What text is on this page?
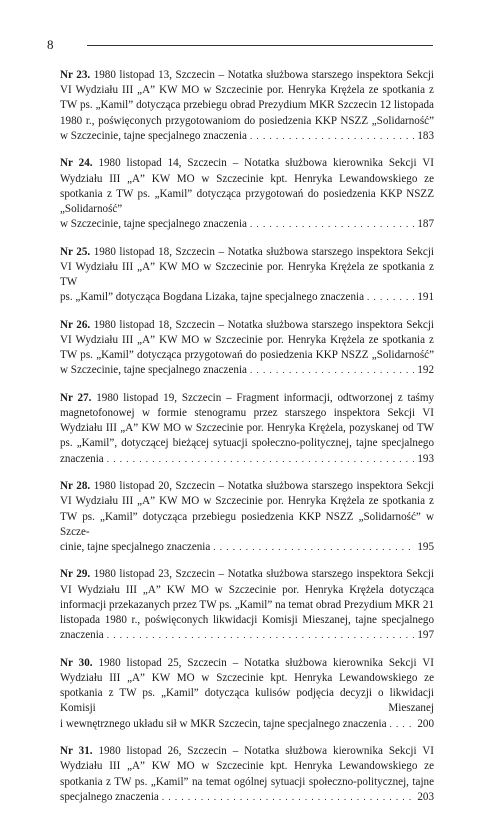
8
Nr 23. 1980 listopad 13, Szczecin – Notatka służbowa starszego inspektora Sekcji VI Wydziału III „A” KW MO w Szczecinie por. Henryka Krężela ze spotkania z TW ps. „Kamil” dotycząca przebiegu obrad Prezydium MKR Szczecin 12 listopada 1980 r., poświęconych przygotowaniom do posiedzenia KKP NSZZ „Solidarność”
w Szczecinie, tajne specjalnego znaczenia . . .	183
Nr 24. 1980 listopad 14, Szczecin – Notatka służbowa kierownika Sekcji VI Wydziału III „A” KW MO w Szczecinie kpt. Henryka Lewandowskiego ze spotkania z TW ps. „Kamil” dotycząca przygotowań do posiedzenia KKP NSZZ „Solidarność”
w Szczecinie, tajne specjalnego znaczenia . . .	187
Nr 25. 1980 listopad 18, Szczecin – Notatka służbowa starszego inspektora Sekcji VI Wydziału III „A” KW MO w Szczecinie por. Henryka Krężela ze spotkania z TW
ps. „Kamil” dotycząca Bogdana Lizaka, tajne specjalnego znaczenia . . .	191
Nr 26. 1980 listopad 18, Szczecin – Notatka służbowa starszego inspektora Sekcji VI Wydziału III „A” KW MO w Szczecinie por. Henryka Krężela ze spotkania z TW ps. „Kamil” dotycząca przygotowań do posiedzenia KKP NSZZ „Solidarność”
w Szczecinie, tajne specjalnego znaczenia . . .	192
Nr 27. 1980 listopad 19, Szczecin – Fragment informacji, odtworzonej z taśmy magnetofonowej w formie stenogramu przez starszego inspektora Sekcji VI Wydziału III „A” KW MO w Szczecinie por. Henryka Krężela, pozyskanej od TW ps. „Kamil”, dotyczącej bieżącej sytuacji społeczno-politycznej, tajne specjalnego
znaczenia . . .	193
Nr 28. 1980 listopad 20, Szczecin – Notatka służbowa starszego inspektora Sekcji VI Wydziału III „A” KW MO w Szczecinie por. Henryka Krężela ze spotkania z TW ps. „Kamil” dotycząca przebiegu posiedzenia KKP NSZZ „Solidarność” w Szcze-
cinie, tajne specjalnego znaczenia . . .	195
Nr 29. 1980 listopad 23, Szczecin – Notatka służbowa starszego inspektora Sekcji VI Wydziału III „A” KW MO w Szczecinie por. Henryka Krężela dotycząca informacji przekazanych przez TW ps. „Kamil” na temat obrad Prezydium MKR 21 listopada 1980 r., poświęconych likwidacji Komisji Mieszanej, tajne specjalnego
znaczenia . . .	197
Nr 30. 1980 listopad 25, Szczecin – Notatka służbowa kierownika Sekcji VI Wydziału III „A” KW MO w Szczecinie kpt. Henryka Lewandowskiego ze spotkania z TW ps. „Kamil” dotycząca kulisów podjęcia decyzji o likwidacji Komisji Mieszanej
i wewnętrznego układu sił w MKR Szczecin, tajne specjalnego znaczenia . . .	200
Nr 31. 1980 listopad 26, Szczecin – Notatka służbowa kierownika Sekcji VI Wydziału III „A” KW MO w Szczecinie kpt. Henryka Lewandowskiego ze spotkania z TW ps. „Kamil” na temat ogólnej sytuacji społeczno-politycznej, tajne
specjalnego znaczenia . . .	203
